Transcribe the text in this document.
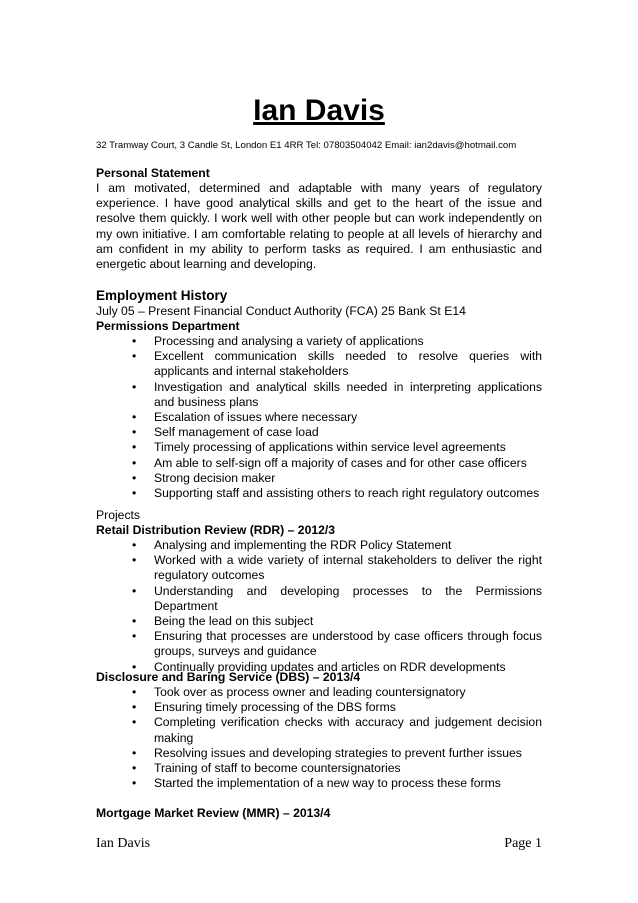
Ian Davis
32 Tramway Court, 3 Candle St, London E1 4RR Tel: 07803504042 Email: ian2davis@hotmail.com
Personal Statement
I am motivated, determined and adaptable with many years of regulatory experience. I have good analytical skills and get to the heart of the issue and resolve them quickly. I work well with other people but can work independently on my own initiative. I am comfortable relating to people at all levels of hierarchy and am confident in my ability to perform tasks as required. I am enthusiastic and energetic about learning and developing.
Employment History
July 05 – Present Financial Conduct Authority (FCA) 25 Bank St E14
Permissions Department
• Processing and analysing a variety of applications
• Excellent communication skills needed to resolve queries with applicants and internal stakeholders
• Investigation and analytical skills needed in interpreting applications and business plans
• Escalation of issues where necessary
• Self management of case load
• Timely processing of applications within service level agreements
• Am able to self-sign off a majority of cases and for other case officers
• Strong decision maker
• Supporting staff and assisting others to reach right regulatory outcomes
Projects
Retail Distribution Review (RDR) – 2012/3
• Analysing and implementing the RDR Policy Statement
• Worked with a wide variety of internal stakeholders to deliver the right regulatory outcomes
• Understanding and developing processes to the Permissions Department
• Being the lead on this subject
• Ensuring that processes are understood by case officers through focus groups, surveys and guidance
• Continually providing updates and articles on RDR developments
Disclosure and Baring Service (DBS) – 2013/4
• Took over as process owner and leading countersignatory
• Ensuring timely processing of the DBS forms
• Completing verification checks with accuracy and judgement decision making
• Resolving issues and developing strategies to prevent further issues
• Training of staff to become countersignatories
• Started the implementation of a new way to process these forms
Mortgage Market Review (MMR) – 2013/4
Ian Davis	Page 1
